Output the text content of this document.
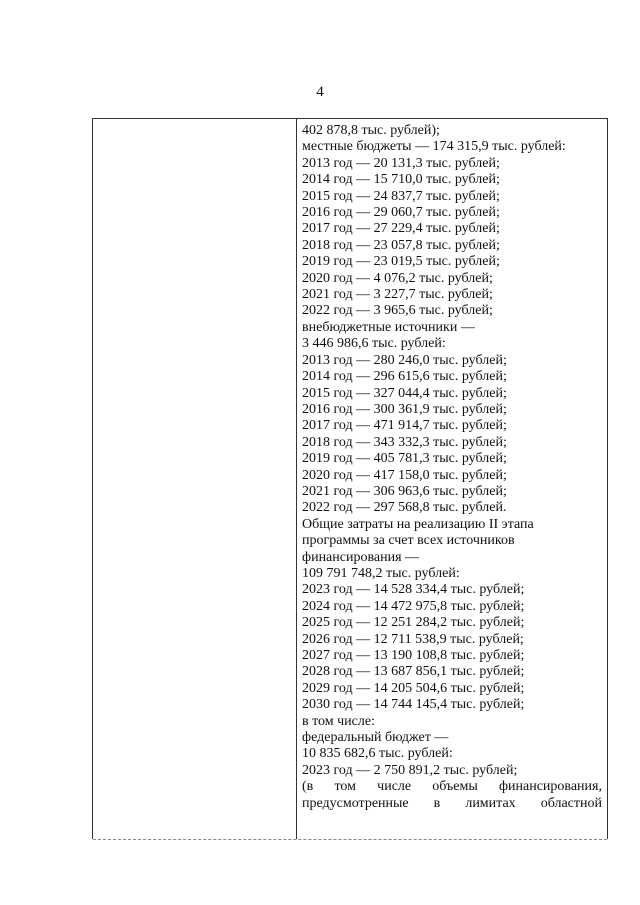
4
402 878,8 тыс. рублей);
местные бюджеты — 174 315,9 тыс. рублей:
2013 год — 20 131,3 тыс. рублей;
2014 год — 15 710,0 тыс. рублей;
2015 год — 24 837,7 тыс. рублей;
2016 год — 29 060,7 тыс. рублей;
2017 год — 27 229,4 тыс. рублей;
2018 год — 23 057,8 тыс. рублей;
2019 год — 23 019,5 тыс. рублей;
2020 год — 4 076,2 тыс. рублей;
2021 год — 3 227,7 тыс. рублей;
2022 год — 3 965,6 тыс. рублей;
внебюджетные источники —
3 446 986,6 тыс. рублей:
2013 год — 280 246,0 тыс. рублей;
2014 год — 296 615,6 тыс. рублей;
2015 год — 327 044,4 тыс. рублей;
2016 год — 300 361,9 тыс. рублей;
2017 год — 471 914,7 тыс. рублей;
2018 год — 343 332,3 тыс. рублей;
2019 год — 405 781,3 тыс. рублей;
2020 год — 417 158,0 тыс. рублей;
2021 год — 306 963,6 тыс. рублей;
2022 год — 297 568,8 тыс. рублей.
Общие затраты на реализацию II этапа
программы за счет всех источников
финансирования —
109 791 748,2 тыс. рублей:
2023 год — 14 528 334,4 тыс. рублей;
2024 год — 14 472 975,8 тыс. рублей;
2025 год — 12 251 284,2 тыс. рублей;
2026 год — 12 711 538,9 тыс. рублей;
2027 год — 13 190 108,8 тыс. рублей;
2028 год — 13 687 856,1 тыс. рублей;
2029 год — 14 205 504,6 тыс. рублей;
2030 год — 14 744 145,4 тыс. рублей;
в том числе:
федеральный бюджет —
10 835 682,6 тыс. рублей:
2023 год — 2 750 891,2 тыс. рублей;
(в том числе объемы финансирования,
предусмотренные в лимитах областной
